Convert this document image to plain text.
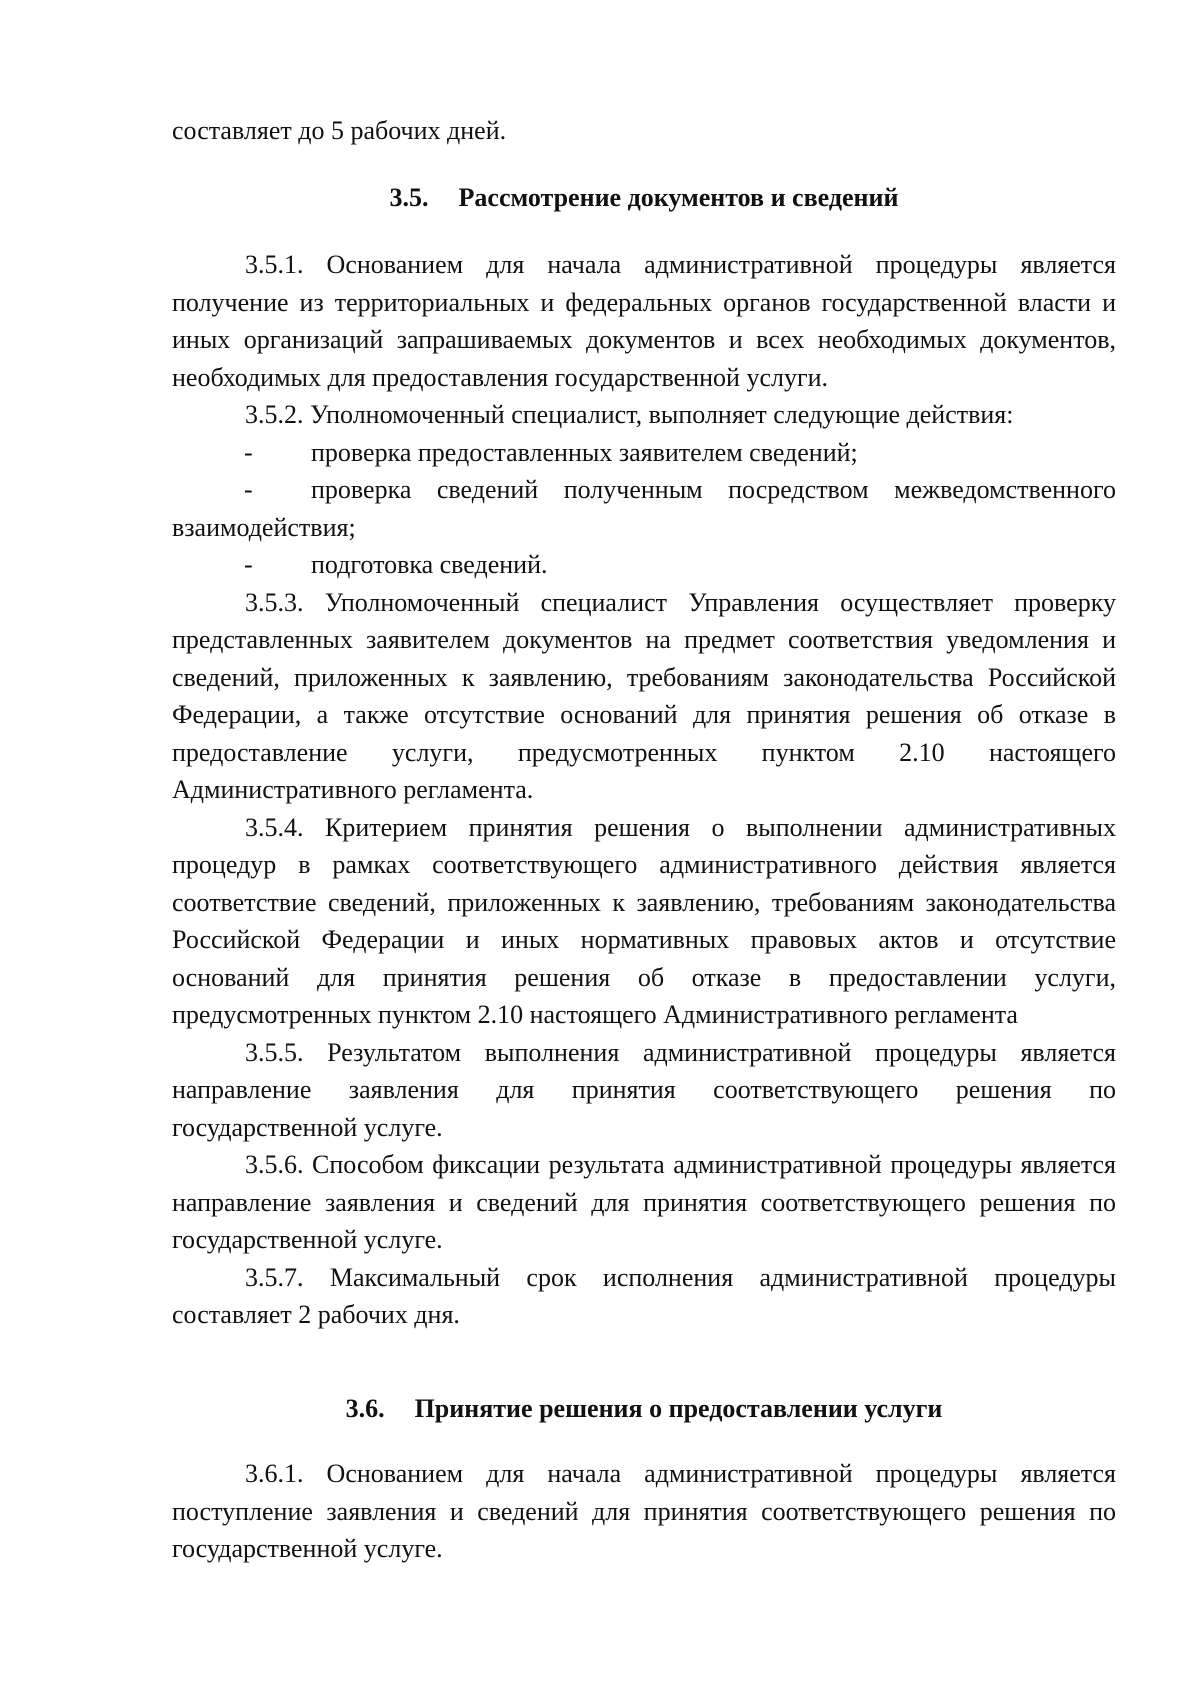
составляет до 5 рабочих дней.

3.5. Рассмотрение документов и сведений

3.5.1. Основанием для начала административной процедуры является получение из территориальных и федеральных органов государственной власти и иных организаций запрашиваемых документов и всех необходимых документов, необходимых для предоставления государственной услуги.

3.5.2. Уполномоченный специалист, выполняет следующие действия:

- проверка предоставленных заявителем сведений;

- проверка сведений полученным посредством межведомственного взаимодействия;

- подготовка сведений.

3.5.3. Уполномоченный специалист Управления осуществляет проверку представленных заявителем документов на предмет соответствия уведомления и сведений, приложенных к заявлению, требованиям законодательства Российской Федерации, а также отсутствие оснований для принятия решения об отказе в предоставление услуги, предусмотренных пунктом 2.10 настоящего Административного регламента.

3.5.4. Критерием принятия решения о выполнении административных процедур в рамках соответствующего административного действия является соответствие сведений, приложенных к заявлению, требованиям законодательства Российской Федерации и иных нормативных правовых актов и отсутствие оснований для принятия решения об отказе в предоставлении услуги, предусмотренных пунктом 2.10 настоящего Административного регламента

3.5.5. Результатом выполнения административной процедуры является направление заявления для принятия соответствующего решения по государственной услуге.

3.5.6. Способом фиксации результата административной процедуры является направление заявления и сведений для принятия соответствующего решения по государственной услуге.

3.5.7. Максимальный срок исполнения административной процедуры составляет 2 рабочих дня.

3.6. Принятие решения о предоставлении услуги

3.6.1. Основанием для начала административной процедуры является поступление заявления и сведений для принятия соответствующего решения по государственной услуге.
